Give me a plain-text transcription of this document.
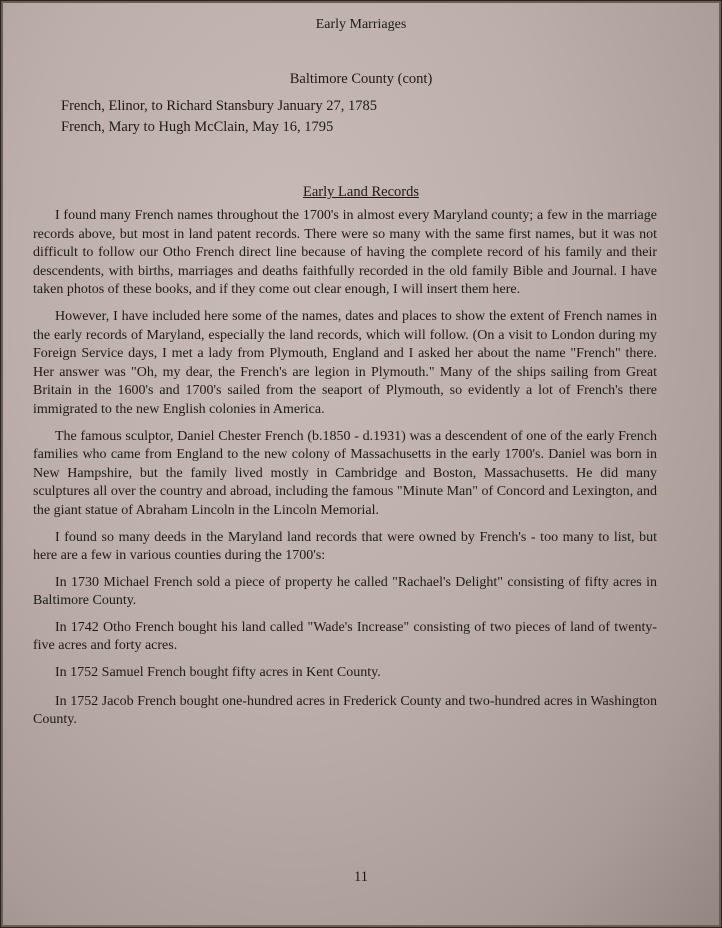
Early Marriages
Baltimore County (cont)
French, Elinor, to Richard Stansbury January 27, 1785
French, Mary to Hugh McClain, May 16, 1795
Early Land Records

I found many French names throughout the 1700's in almost every Maryland county; a few in the marriage records above, but most in land patent records. There were so many with the same first names, but it was not difficult to follow our Otho French direct line because of having the complete record of his family and their descendents, with births, marriages and deaths faithfully recorded in the old family Bible and Journal. I have taken photos of these books, and if they come out clear enough, I will insert them here.

However, I have included here some of the names, dates and places to show the extent of French names in the early records of Maryland, especially the land records, which will follow. (On a visit to London during my Foreign Service days, I met a lady from Plymouth, England and I asked her about the name "French" there. Her answer was "Oh, my dear, the French's are legion in Plymouth." Many of the ships sailing from Great Britain in the 1600's and 1700's sailed from the seaport of Plymouth, so evidently a lot of French's there immigrated to the new English colonies in America.

The famous sculptor, Daniel Chester French (b.1850 - d.1931) was a descendent of one of the early French families who came from England to the new colony of Massachusetts in the early 1700's. Daniel was born in New Hampshire, but the family lived mostly in Cambridge and Boston, Massachusetts. He did many sculptures all over the country and abroad, including the famous "Minute Man" of Concord and Lexington, and the giant statue of Abraham Lincoln in the Lincoln Memorial.

I found so many deeds in the Maryland land records that were owned by French's - too many to list, but here are a few in various counties during the 1700's:

In 1730 Michael French sold a piece of property he called "Rachael's Delight" consisting of fifty acres in Baltimore County.

In 1742 Otho French bought his land called "Wade's Increase" consisting of two pieces of land of twenty-five acres and forty acres.

In 1752 Samuel French bought fifty acres in Kent County.

In 1752 Jacob French bought one-hundred acres in Frederick County and two-hundred acres in Washington County.

11
